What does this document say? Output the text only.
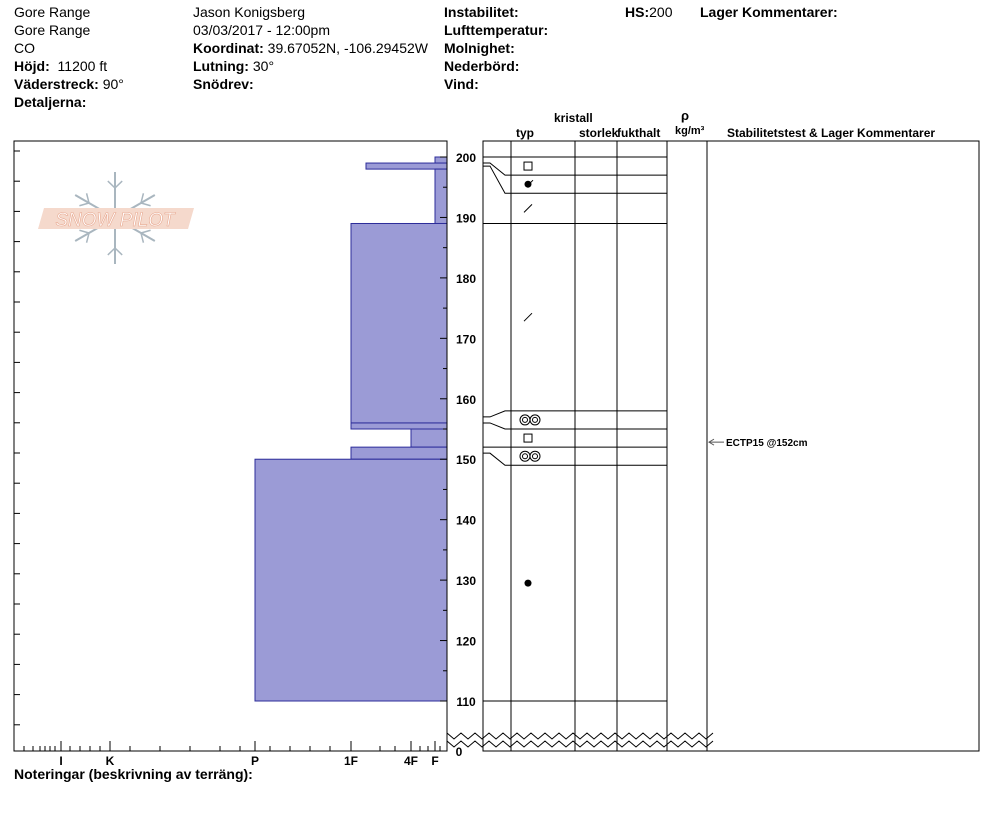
Gore Range
Gore Range
CO
Höjd: 11200 ft
Väderstreck: 90°
Detaljerna:
Jason Konigsberg
03/03/2017 - 12:00pm
Koordinat: 39.67052N, -106.29452W
Lutning: 30°
Snödrev:
Instabilitet:
Lufttemperatur:
Molnighet:
Nederbörd:
Vind:
HS:200 Lager Kommentarer:
SNOW PILOT
I	K	P	1F	4F F
200
190
180
170
160
150
140
130
120
110
0
ECTP15 @152cm
kristall
typ	storlek
fukthalt
ρ
kg/m³ Stabilitetstest & Lager Kommentarer
Noteringar (beskrivning av terräng):
